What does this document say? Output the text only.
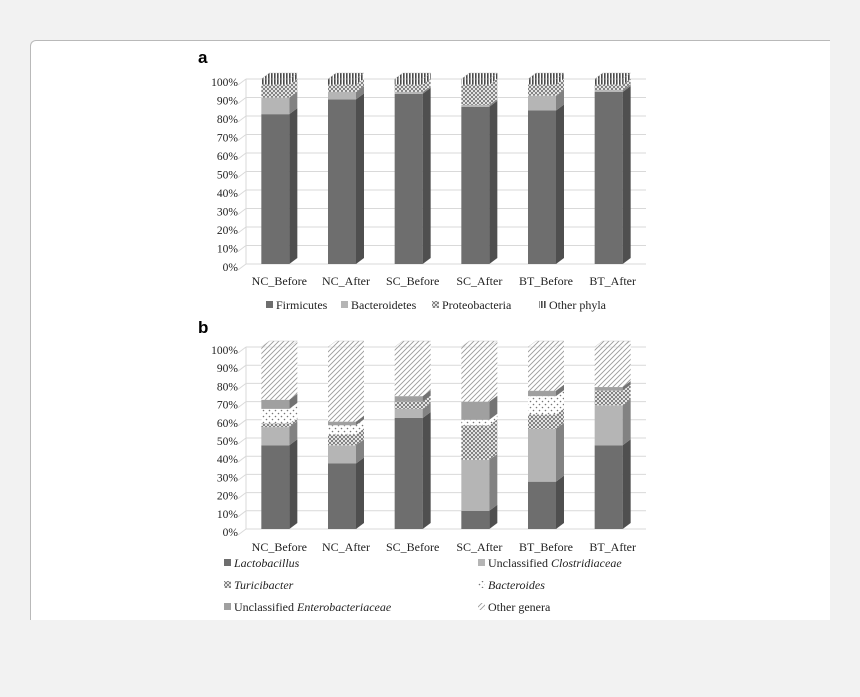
a
b
0%
10%
20%
30%
40%
50%
60%
70%
80%
90%
100%
NC_Before NC_After SC_Before SC_After BT_Before BT_After
0%
10%
20%
30%
40%
50%
60%
70%
80%
90%
100%
NC_Before NC_After SC_Before SC_After BT_Before BT_After
Firmicutes Bacteroidetes Proteobacteria	Other phyla
Lactobacillus	Unclassified Clostridiaceae
Turicibacter	Bacteroides
Unclassified Enterobacteriaceae	Other genera
